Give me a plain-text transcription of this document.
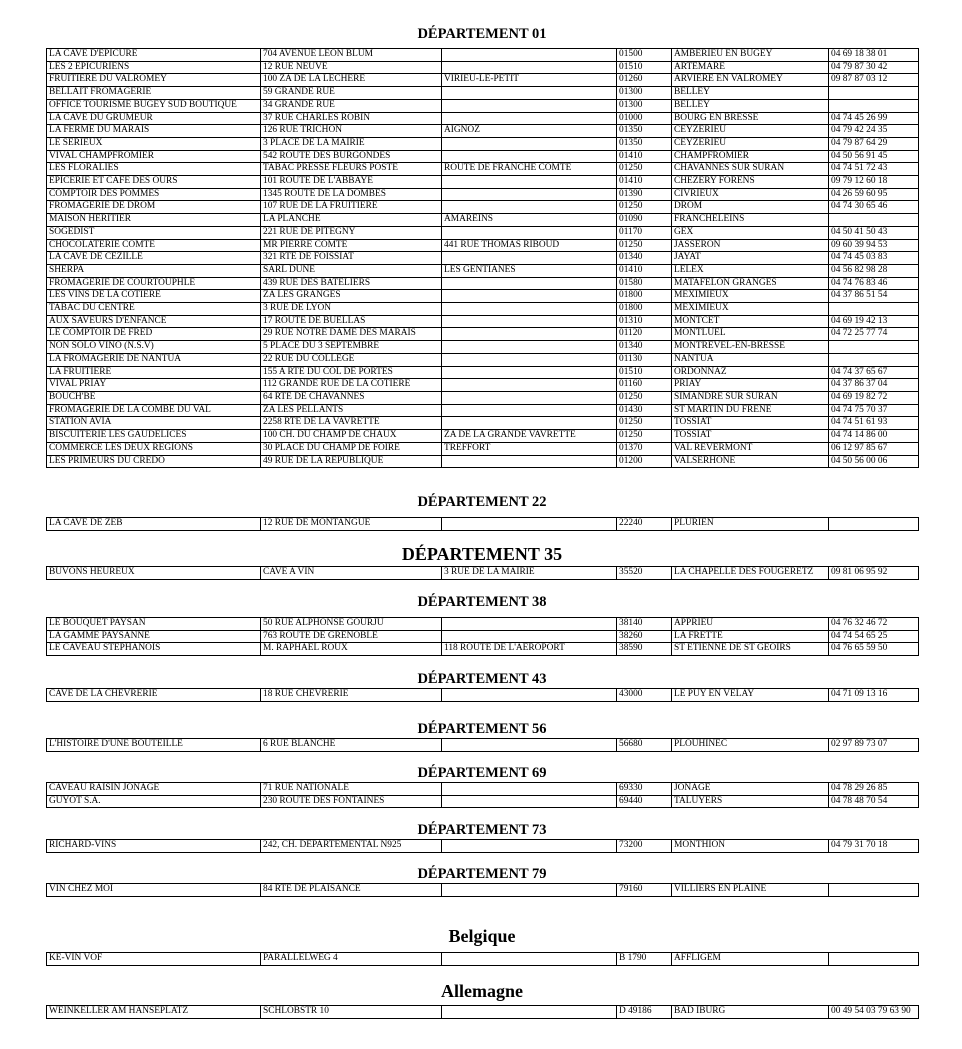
DÉPARTEMENT 01
LA CAVE D'EPICURE	704 AVENUE LEON BLUM		01500	AMBERIEU EN BUGEY	04 69 18 38 01
LES 2 EPICURIENS	12 RUE NEUVE		01510	ARTEMARE	04 79 87 30 42
FRUITIERE DU VALROMEY	100 ZA DE LA LECHERE	VIRIEU-LE-PETIT	01260	ARVIERE EN VALROMEY	09 87 87 03 12
BELLAIT FROMAGERIE	59 GRANDE RUE		01300	BELLEY	
OFFICE TOURISME BUGEY SUD BOUTIQUE	34 GRANDE RUE		01300	BELLEY	
LA CAVE DU GRUMEUR	37 RUE CHARLES ROBIN		01000	BOURG EN BRESSE	04 74 45 26 99
LA FERME DU MARAIS	126 RUE TRICHON	AIGNOZ	01350	CEYZERIEU	04 79 42 24 35
LE SERIEUX	3 PLACE DE LA MAIRIE		01350	CEYZERIEU	04 79 87 64 29
VIVAL CHAMPFROMIER	542 ROUTE DES BURGONDES		01410	CHAMPFROMIER	04 50 56 91 45
LES FLORALIES	TABAC PRESSE FLEURS POSTE	ROUTE DE FRANCHE COMTE	01250	CHAVANNES SUR SURAN	04 74 51 72 43
EPICERIE ET CAFE DES OURS	101 ROUTE DE L'ABBAYE		01410	CHEZERY FORENS	09 79 12 60 18
COMPTOIR DES POMMES	1345 ROUTE DE LA DOMBES		01390	CIVRIEUX	04 26 59 60 95
FROMAGERIE DE DROM	107 RUE DE LA FRUITIERE		01250	DROM	04 74 30 65 46
MAISON HERITIER	LA PLANCHE	AMAREINS	01090	FRANCHELEINS	
SOGEDIST	221 RUE DE PITEGNY		01170	GEX	04 50 41 50 43
CHOCOLATERIE COMTE	MR PIERRE COMTE	441 RUE THOMAS RIBOUD	01250	JASSERON	09 60 39 94 53
LA CAVE DE CEZILLE	321 RTE DE FOISSIAT		01340	JAYAT	04 74 45 03 83
SHERPA	SARL DUNE	LES GENTIANES	01410	LELEX	04 56 82 98 28
FROMAGERIE DE COURTOUPHLE	439 RUE DES BATELIERS		01580	MATAFELON GRANGES	04 74 76 83 46
LES VINS DE LA COTIERE	ZA LES GRANGES		01800	MEXIMIEUX	04 37 86 51 54
TABAC DU CENTRE	3 RUE DE LYON		01800	MEXIMIEUX	
AUX SAVEURS D'ENFANCE	17 ROUTE DE BUELLAS		01310	MONTCET	04 69 19 42 13
LE COMPTOIR DE FRED	29 RUE NOTRE DAME DES MARAIS		01120	MONTLUEL	04 72 25 77 74
NON SOLO VINO (N.S.V)	5 PLACE DU 3 SEPTEMBRE		01340	MONTREVEL-EN-BRESSE	
LA FROMAGERIE DE NANTUA	22 RUE DU COLLEGE		01130	NANTUA	
LA FRUITIERE	155 A RTE DU COL DE PORTES		01510	ORDONNAZ	04 74 37 65 67
VIVAL PRIAY	112 GRANDE RUE DE LA COTIERE		01160	PRIAY	04 37 86 37 04
BOUCH'BE	64 RTE DE CHAVANNES		01250	SIMANDRE SUR SURAN	04 69 19 82 72
FROMAGERIE DE LA COMBE DU VAL	ZA LES PELLANTS		01430	ST MARTIN DU FRENE	04 74 75 70 37
STATION AVIA	2258 RTE DE LA VAVRETTE		01250	TOSSIAT	04 74 51 61 93
BISCUITERIE LES GAUDELICES	100 CH. DU CHAMP DE CHAUX	ZA DE LA GRANDE VAVRETTE	01250	TOSSIAT	04 74 14 86 00
COMMERCE LES DEUX REGIONS	30 PLACE DU CHAMP DE FOIRE	TREFFORT	01370	VAL REVERMONT	06 12 97 85 67
LES PRIMEURS DU CREDO	49 RUE DE LA REPUBLIQUE		01200	VALSERHONE	04 50 56 00 06
DÉPARTEMENT 22
LA CAVE DE ZEB	12 RUE DE MONTANGUE		22240	PLURIEN	
DÉPARTEMENT 35
BUVONS HEUREUX	CAVE A VIN	3 RUE DE LA MAIRIE	35520	LA CHAPELLE DES FOUGERETZ	09 81 06 95 92
DÉPARTEMENT 38
LE BOUQUET PAYSAN	50 RUE ALPHONSE GOURJU		38140	APPRIEU	04 76 32 46 72
LA GAMME PAYSANNE	763 ROUTE DE GRENOBLE		38260	LA FRETTE	04 74 54 65 25
LE CAVEAU STEPHANOIS	M. RAPHAEL ROUX	118 ROUTE DE L'AEROPORT	38590	ST ETIENNE DE ST GEOIRS	04 76 65 59 50
DÉPARTEMENT 43
CAVE DE LA CHEVRERIE	18 RUE CHEVRERIE		43000	LE PUY EN VELAY	04 71 09 13 16
DÉPARTEMENT 56
L'HISTOIRE D'UNE BOUTEILLE	6 RUE BLANCHE		56680	PLOUHINEC	02 97 89 73 07
DÉPARTEMENT 69
CAVEAU RAISIN JONAGE	71 RUE NATIONALE		69330	JONAGE	04 78 29 26 85
GUYOT S.A.	230 ROUTE DES FONTAINES		69440	TALUYERS	04 78 48 70 54
DÉPARTEMENT 73
RICHARD-VINS	242, CH. DEPARTEMENTAL N925		73200	MONTHION	04 79 31 70 18
DÉPARTEMENT 79
VIN CHEZ MOI	84 RTE DE PLAISANCE		79160	VILLIERS EN PLAINE	
Belgique
KE-VIN VOF	PARALLELWEG 4		B 1790	AFFLIGEM	
Allemagne
WEINKELLER AM HANSEPLATZ	SCHLOBSTR 10		D 49186	BAD IBURG	00 49 54 03 79 63 90
